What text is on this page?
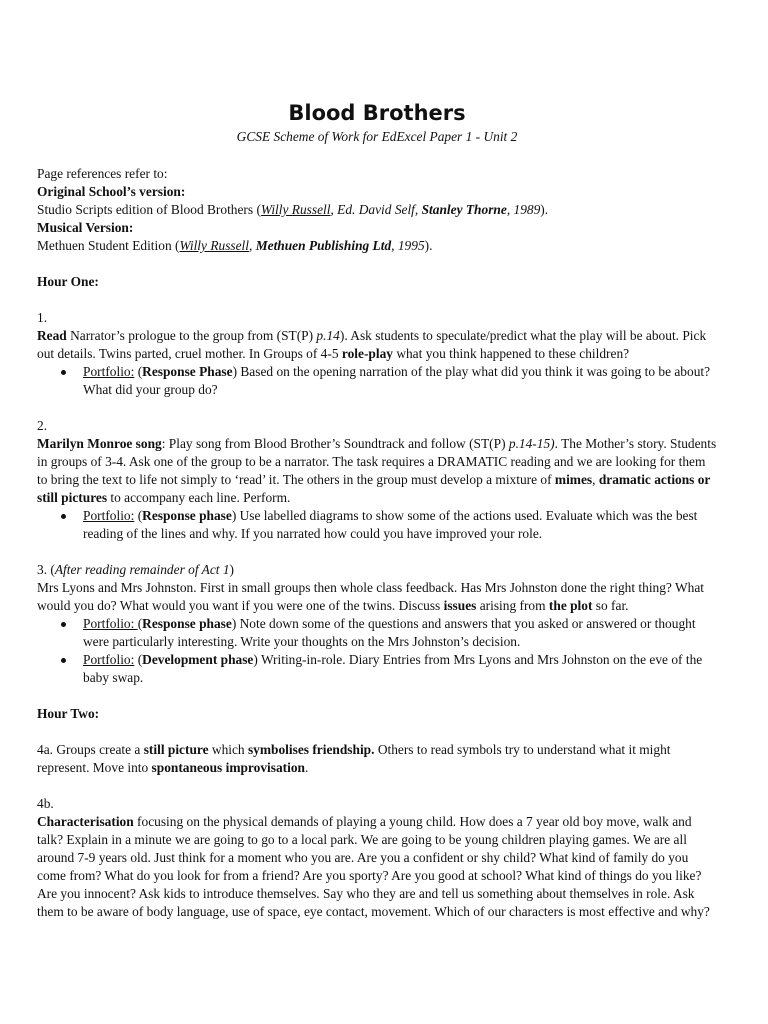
Blood Brothers

GCSE Scheme of Work for EdExcel Paper 1 - Unit 2

Page references refer to:

Original School’s version:

Studio Scripts edition of Blood Brothers (Willy Russell, Ed. David Self, Stanley Thorne, 1989).

Musical Version:

Methuen Student Edition (Willy Russell, Methuen Publishing Ltd, 1995).

Hour One:

1.

Read Narrator’s prologue to the group from (ST(P) p.14). Ask students to speculate/predict what the play will be about. Pick out details. Twins parted, cruel mother. In Groups of 4-5 role-play what you think happened to these children?

Portfolio: (Response Phase) Based on the opening narration of the play what did you think it was going to be about? What did your group do?

2.

Marilyn Monroe song: Play song from Blood Brother’s Soundtrack and follow (ST(P) p.14-15). The Mother’s story. Students in groups of 3-4. Ask one of the group to be a narrator. The task requires a DRAMATIC reading and we are looking for them to bring the text to life not simply to ‘read’ it. The others in the group must develop a mixture of mimes, dramatic actions or still pictures to accompany each line. Perform.

Portfolio: (Response phase) Use labelled diagrams to show some of the actions used. Evaluate which was the best reading of the lines and why. If you narrated how could you have improved your role.

3. (After reading remainder of Act 1)

Mrs Lyons and Mrs Johnston. First in small groups then whole class feedback. Has Mrs Johnston done the right thing? What would you do? What would you want if you were one of the twins. Discuss issues arising from the plot so far.

Portfolio: (Response phase) Note down some of the questions and answers that you asked or answered or thought were particularly interesting. Write your thoughts on the Mrs Johnston’s decision.
Portfolio: (Development phase) Writing-in-role. Diary Entries from Mrs Lyons and Mrs Johnston on the eve of the baby swap.

Hour Two:

4a. Groups create a still picture which symbolises friendship. Others to read symbols try to understand what it might represent. Move into spontaneous improvisation.

4b.

Characterisation focusing on the physical demands of playing a young child. How does a 7 year old boy move, walk and talk? Explain in a minute we are going to go to a local park. We are going to be young children playing games. We are all around 7-9 years old. Just think for a moment who you are. Are you a confident or shy child? What kind of family do you come from? What do you look for from a friend? Are you sporty? Are you good at school? What kind of things do you like? Are you innocent? Ask kids to introduce themselves. Say who they are and tell us something about themselves in role. Ask them to be aware of body language, use of space, eye contact, movement. Which of our characters is most effective and why?
